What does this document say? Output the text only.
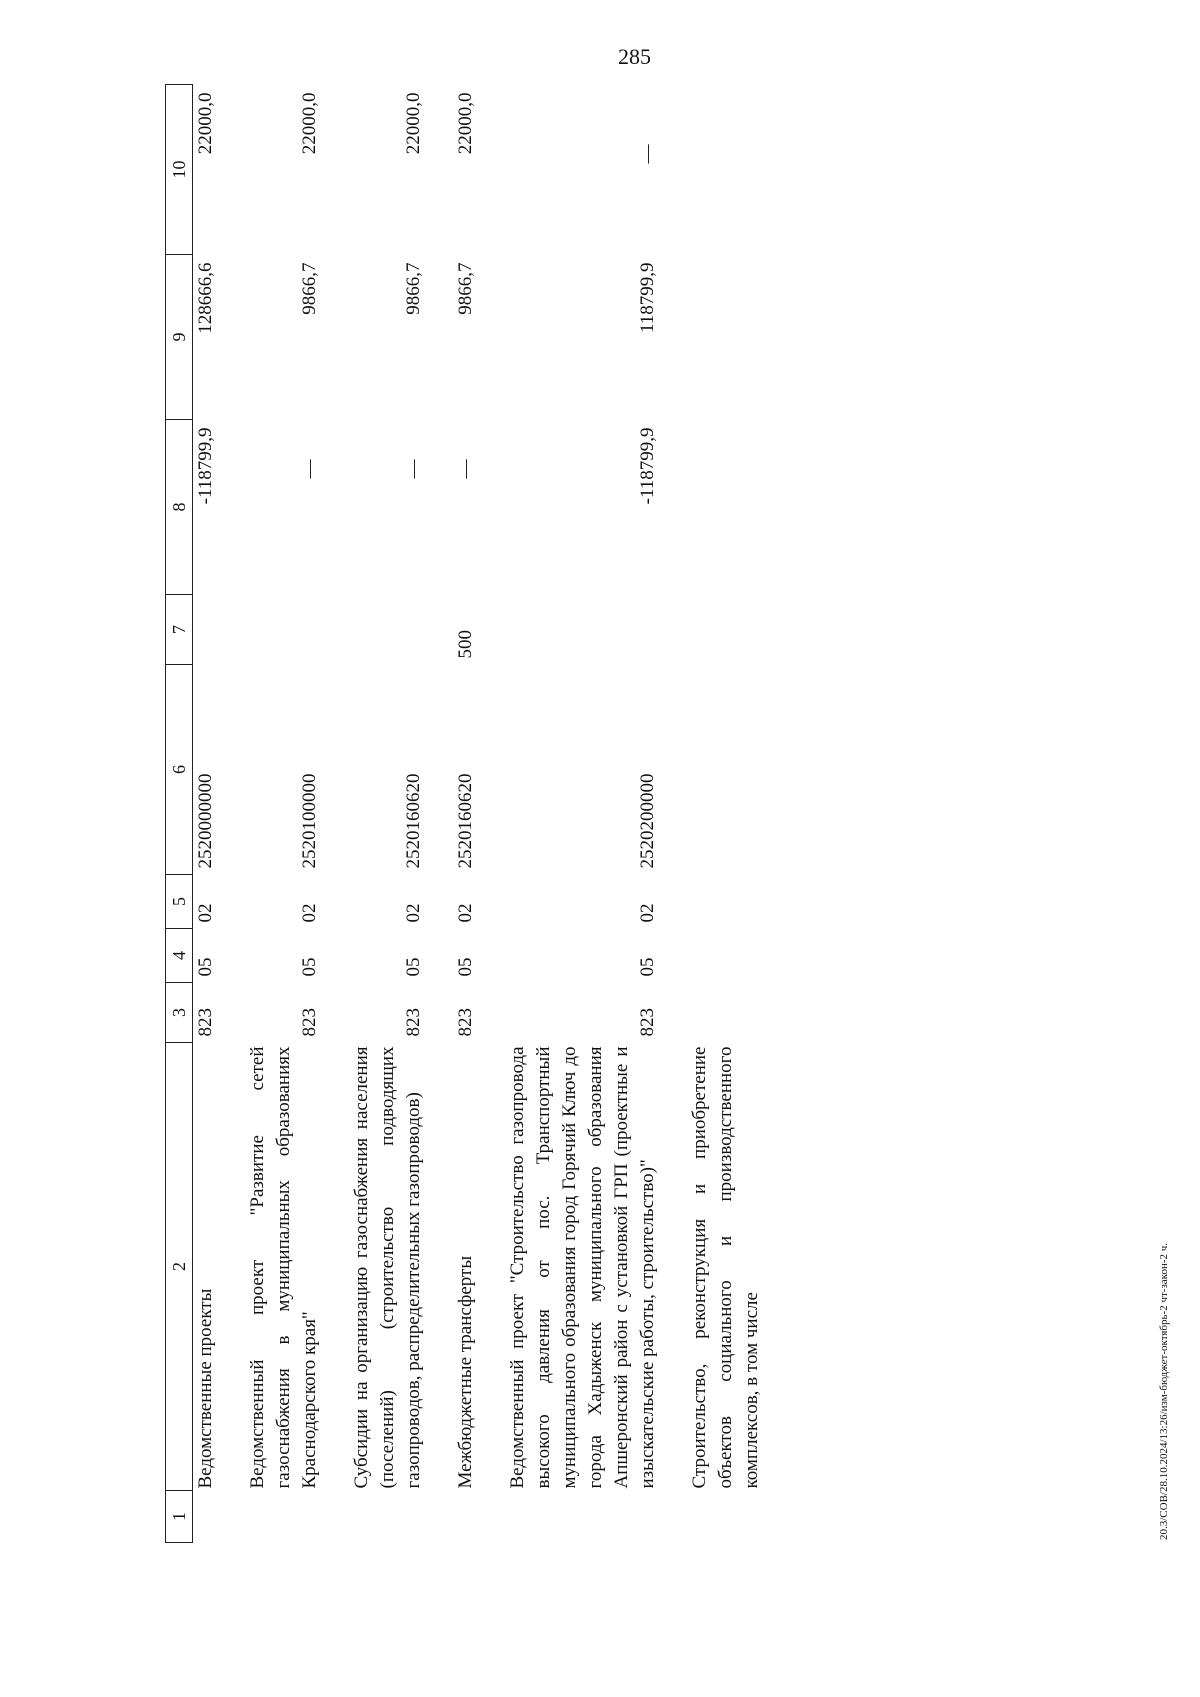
285
1	2	3	4	5	6	7	8	9	10
	Ведомственные проекты	823	05	02	2520000000		-118799,9	128666,6	22000,0

	Ведомственный проект "Развитие сетей газоснабжения в муниципальных образованиях Краснодарского края"	823	05	02	2520100000		—	9866,7	22000,0

	Субсидии на организацию газоснабжения населения (поселений) (строительство подводящих газопроводов, распределительных газопроводов)	823	05	02	2520160620		—	9866,7	22000,0

	Межбюджетные трансферты	823	05	02	2520160620	500	—	9866,7	22000,0

	Ведомственный проект "Строительство газопровода высокого давления от пос. Транспортный муниципального образования город Горячий Ключ до города Хадыженск муниципального образования Апшеронский район с установкой ГРП (проектные и изыскательские работы, строительство)"	823	05	02	2520200000		-118799,9	118799,9	—

	Строительство, реконструкция и приобретение объектов социального и производственного комплексов, в том числе									20.3/СОВ/28.10.2024/13:26/изм-бюджет-октябрь-2 чт-закон-2 ч.
